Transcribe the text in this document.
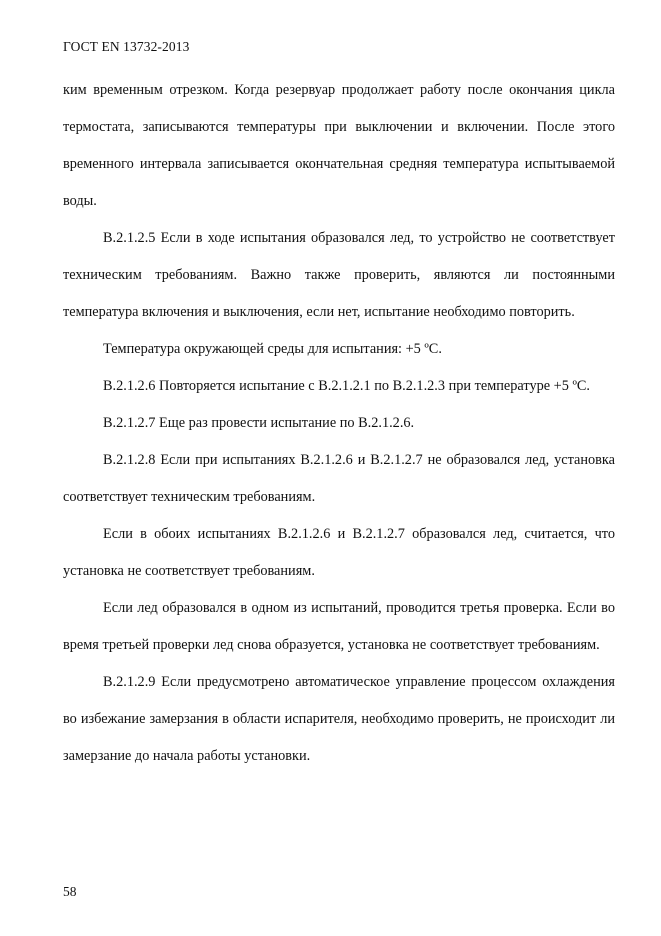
ГОСТ EN 13732-2013

ким временным отрезком. Когда резервуар продолжает работу после окончания цикла термостата, записываются температуры при выключении и включении. После этого временного интервала записывается окончательная средняя температура испытываемой воды.

В.2.1.2.5 Если в ходе испытания образовался лед, то устройство не соответствует техническим требованиям. Важно также проверить, являются ли постоянными температура включения и выключения, если нет, испытание необходимо повторить.

Температура окружающей среды для испытания: +5 ºС.

В.2.1.2.6 Повторяется испытание с В.2.1.2.1 по В.2.1.2.3 при температуре +5 ºС.

В.2.1.2.7 Еще раз провести испытание по В.2.1.2.6.

В.2.1.2.8 Если при испытаниях В.2.1.2.6 и В.2.1.2.7 не образовался лед, установка соответствует техническим требованиям.

Если в обоих испытаниях В.2.1.2.6 и В.2.1.2.7 образовался лед, считается, что установка не соответствует требованиям.

Если лед образовался в одном из испытаний, проводится третья проверка. Если во время третьей проверки лед снова образуется, установка не соответствует требованиям.

В.2.1.2.9 Если предусмотрено автоматическое управление процессом охлаждения во избежание замерзания в области испарителя, необходимо проверить, не происходит ли замерзание до начала работы установки.

58
